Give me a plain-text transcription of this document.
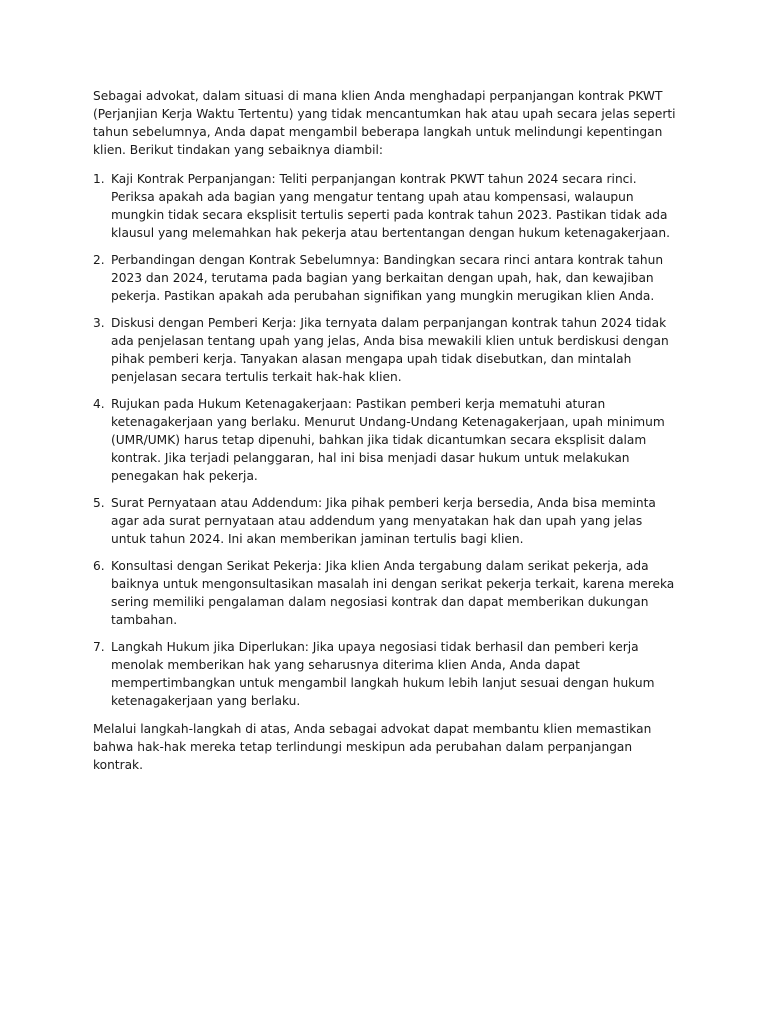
Sebagai advokat, dalam situasi di mana klien Anda menghadapi perpanjangan kontrak PKWT (Perjanjian Kerja Waktu Tertentu) yang tidak mencantumkan hak atau upah secara jelas seperti tahun sebelumnya, Anda dapat mengambil beberapa langkah untuk melindungi kepentingan klien. Berikut tindakan yang sebaiknya diambil:

1. Kaji Kontrak Perpanjangan: Teliti perpanjangan kontrak PKWT tahun 2024 secara rinci. Periksa apakah ada bagian yang mengatur tentang upah atau kompensasi, walaupun mungkin tidak secara eksplisit tertulis seperti pada kontrak tahun 2023. Pastikan tidak ada klausul yang melemahkan hak pekerja atau bertentangan dengan hukum ketenagakerjaan.
2. Perbandingan dengan Kontrak Sebelumnya: Bandingkan secara rinci antara kontrak tahun 2023 dan 2024, terutama pada bagian yang berkaitan dengan upah, hak, dan kewajiban pekerja. Pastikan apakah ada perubahan signifikan yang mungkin merugikan klien Anda.
3. Diskusi dengan Pemberi Kerja: Jika ternyata dalam perpanjangan kontrak tahun 2024 tidak ada penjelasan tentang upah yang jelas, Anda bisa mewakili klien untuk berdiskusi dengan pihak pemberi kerja. Tanyakan alasan mengapa upah tidak disebutkan, dan mintalah penjelasan secara tertulis terkait hak-hak klien.
4. Rujukan pada Hukum Ketenagakerjaan: Pastikan pemberi kerja mematuhi aturan ketenagakerjaan yang berlaku. Menurut Undang-Undang Ketenagakerjaan, upah minimum (UMR/UMK) harus tetap dipenuhi, bahkan jika tidak dicantumkan secara eksplisit dalam kontrak. Jika terjadi pelanggaran, hal ini bisa menjadi dasar hukum untuk melakukan penegakan hak pekerja.
5. Surat Pernyataan atau Addendum: Jika pihak pemberi kerja bersedia, Anda bisa meminta agar ada surat pernyataan atau addendum yang menyatakan hak dan upah yang jelas untuk tahun 2024. Ini akan memberikan jaminan tertulis bagi klien.
6. Konsultasi dengan Serikat Pekerja: Jika klien Anda tergabung dalam serikat pekerja, ada baiknya untuk mengonsultasikan masalah ini dengan serikat pekerja terkait, karena mereka sering memiliki pengalaman dalam negosiasi kontrak dan dapat memberikan dukungan tambahan.
7. Langkah Hukum jika Diperlukan: Jika upaya negosiasi tidak berhasil dan pemberi kerja menolak memberikan hak yang seharusnya diterima klien Anda, Anda dapat mempertimbangkan untuk mengambil langkah hukum lebih lanjut sesuai dengan hukum ketenagakerjaan yang berlaku.

Melalui langkah-langkah di atas, Anda sebagai advokat dapat membantu klien memastikan bahwa hak-hak mereka tetap terlindungi meskipun ada perubahan dalam perpanjangan kontrak.
